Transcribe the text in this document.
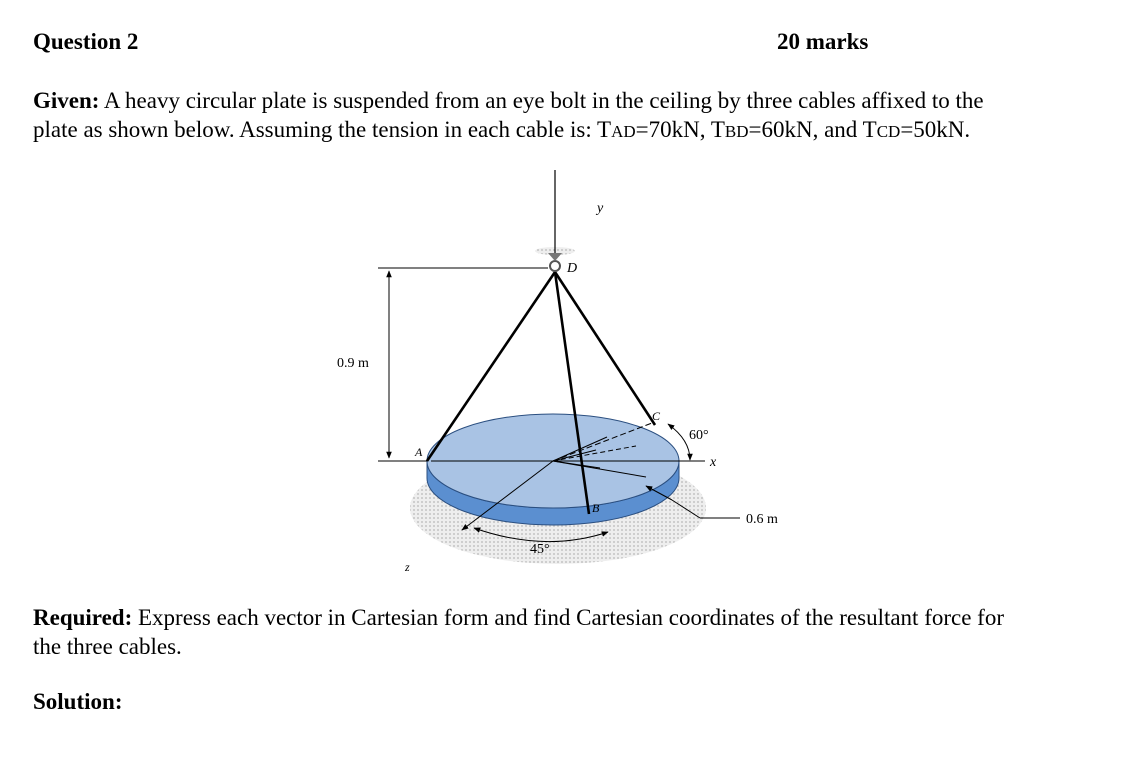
Question 2	20 marks
Given: A heavy circular plate is suspended from an eye bolt in the ceiling by three cables affixed to the
plate as shown below. Assuming the tension in each cable is: TAD=70kN, TBD=60kN, and TCD=50kN.
y
D
0.9 m
A
C
60°
x
B
0.6 m
45°
z
Required: Express each vector in Cartesian form and find Cartesian coordinates of the resultant force for
the three cables.
Solution:
